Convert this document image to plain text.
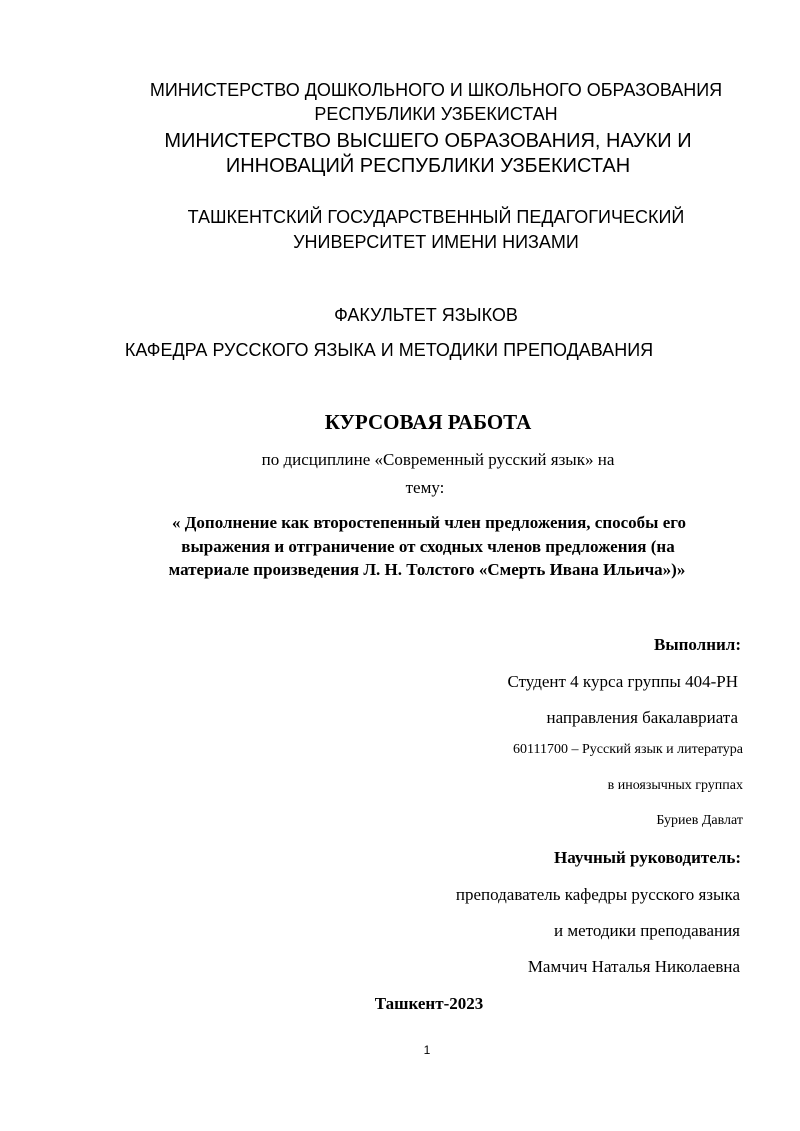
МИНИСТЕРСТВО ДОШКОЛЬНОГО И ШКОЛЬНОГО ОБРАЗОВАНИЯ

РЕСПУБЛИКИ УЗБЕКИСТАН

МИНИСТЕРСТВО ВЫСШЕГО ОБРАЗОВАНИЯ, НАУКИ И

ИННОВАЦИЙ РЕСПУБЛИКИ УЗБЕКИСТАН

ТАШКЕНТСКИЙ ГОСУДАРСТВЕННЫЙ ПЕДАГОГИЧЕСКИЙ

УНИВЕРСИТЕТ ИМЕНИ НИЗАМИ

ФАКУЛЬТЕТ ЯЗЫКОВ

КАФЕДРА РУССКОГО ЯЗЫКА И МЕТОДИКИ ПРЕПОДАВАНИЯ

КУРСОВАЯ РАБОТА

по дисциплине «Современный русский язык» на

тему:

« Дополнение как второстепенный член предложения, способы его

выражения и отграничение от сходных членов предложения (на

материале произведения Л. Н. Толстого «Смерть Ивана Ильича»)»

Выполнил:

Студент 4 курса группы 404-РН

направления бакалавриата

60111700 – Русский язык и литература

в иноязычных группах

Буриев Давлат

Научный руководитель:

преподаватель кафедры русского языка

и методики преподавания

Мамчич Наталья Николаевна

Ташкент-2023

1
